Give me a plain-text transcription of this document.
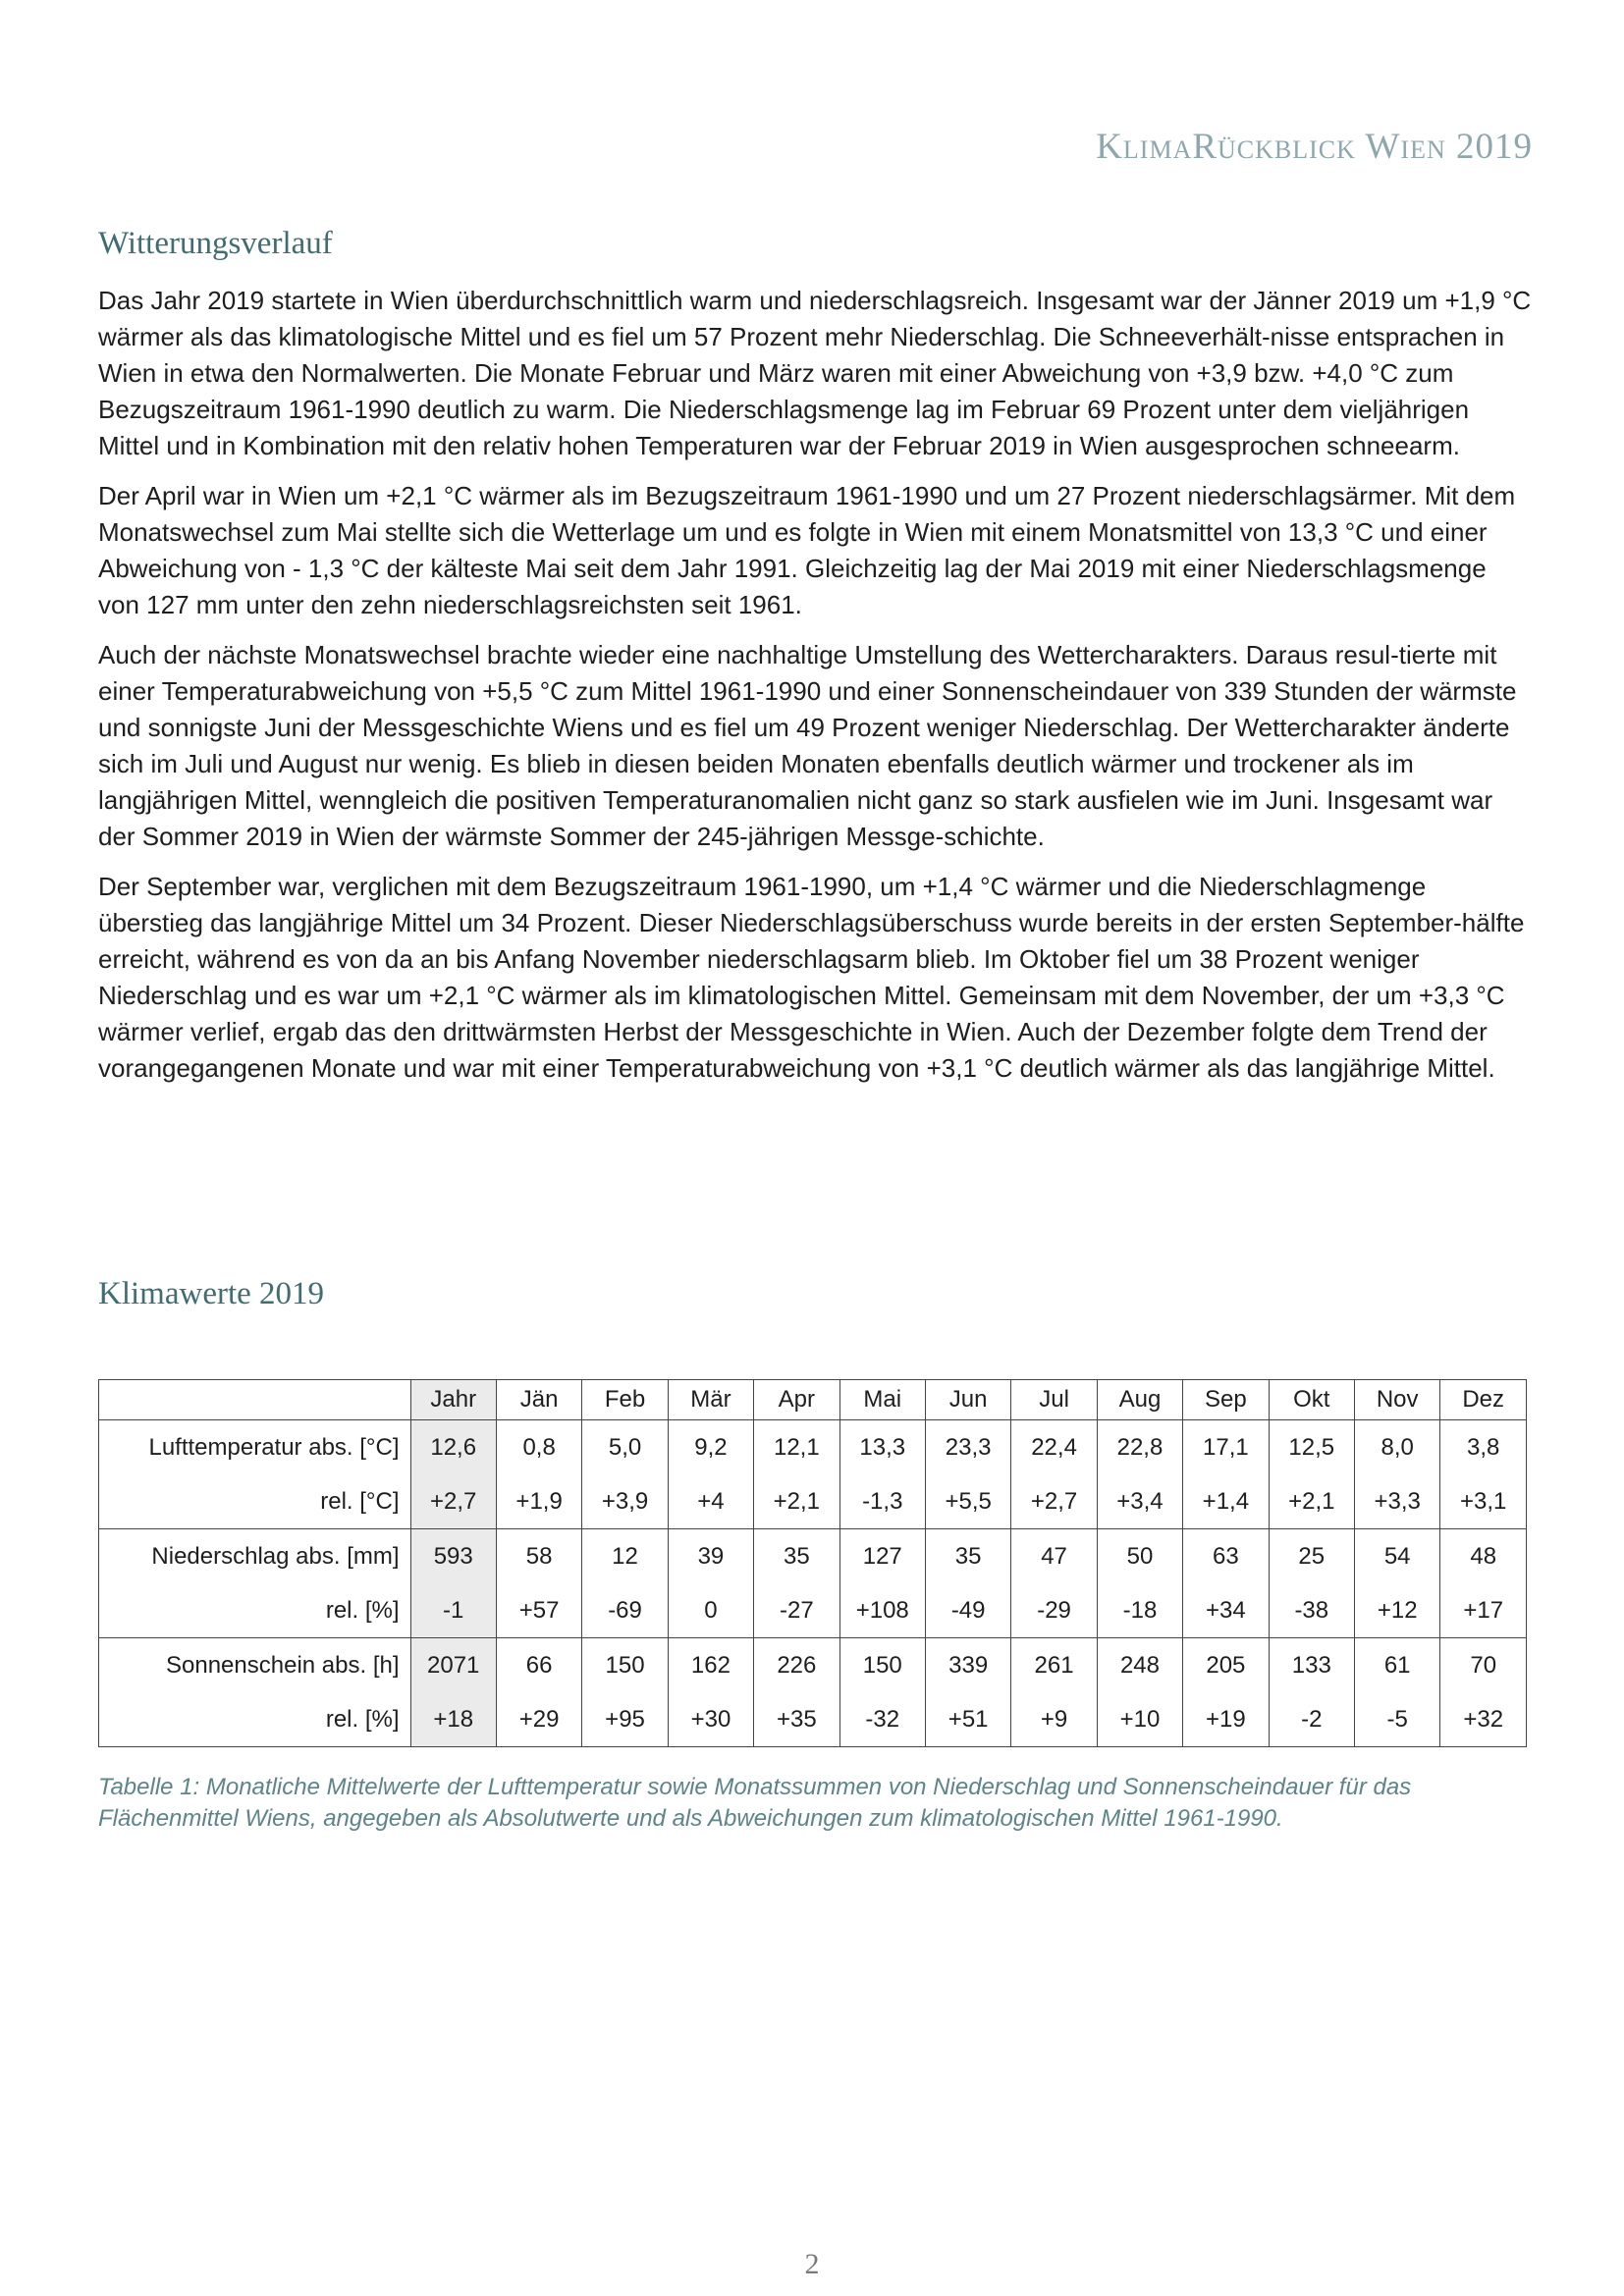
KlimaRückblick Wien 2019
Witterungsverlauf

Das Jahr 2019 startete in Wien überdurchschnittlich warm und niederschlagsreich. Insgesamt war der Jänner 2019 um +1,9 °C wärmer als das klimatologische Mittel und es fiel um 57 Prozent mehr Niederschlag. Die Schneeverhält-nisse entsprachen in Wien in etwa den Normalwerten. Die Monate Februar und März waren mit einer Abweichung von +3,9 bzw. +4,0 °C zum Bezugszeitraum 1961-1990 deutlich zu warm. Die Niederschlagsmenge lag im Februar 69 Prozent unter dem vieljährigen Mittel und in Kombination mit den relativ hohen Temperaturen war der Februar 2019 in Wien ausgesprochen schneearm.

Der April war in Wien um +2,1 °C wärmer als im Bezugszeitraum 1961-1990 und um 27 Prozent niederschlagsärmer. Mit dem Monatswechsel zum Mai stellte sich die Wetterlage um und es folgte in Wien mit einem Monatsmittel von 13,3 °C und einer Abweichung von - 1,3 °C der kälteste Mai seit dem Jahr 1991. Gleichzeitig lag der Mai 2019 mit einer Niederschlagsmenge von 127 mm unter den zehn niederschlagsreichsten seit 1961.

Auch der nächste Monatswechsel brachte wieder eine nachhaltige Umstellung des Wettercharakters. Daraus resul-tierte mit einer Temperaturabweichung von +5,5 °C zum Mittel 1961-1990 und einer Sonnenscheindauer von 339 Stunden der wärmste und sonnigste Juni der Messgeschichte Wiens und es fiel um 49 Prozent weniger Niederschlag. Der Wettercharakter änderte sich im Juli und August nur wenig. Es blieb in diesen beiden Monaten ebenfalls deutlich wärmer und trockener als im langjährigen Mittel, wenngleich die positiven Temperaturanomalien nicht ganz so stark ausfielen wie im Juni. Insgesamt war der Sommer 2019 in Wien der wärmste Sommer der 245-jährigen Messge-schichte.

Der September war, verglichen mit dem Bezugszeitraum 1961-1990, um +1,4 °C wärmer und die Niederschlagmenge überstieg das langjährige Mittel um 34 Prozent. Dieser Niederschlagsüberschuss wurde bereits in der ersten September-hälfte erreicht, während es von da an bis Anfang November niederschlagsarm blieb. Im Oktober fiel um 38 Prozent weniger Niederschlag und es war um +2,1 °C wärmer als im klimatologischen Mittel. Gemeinsam mit dem November, der um +3,3 °C wärmer verlief, ergab das den drittwärmsten Herbst der Messgeschichte in Wien. Auch der Dezember folgte dem Trend der vorangegangenen Monate und war mit einer Temperaturabweichung von +3,1 °C deutlich wärmer als das langjährige Mittel.

Klimawerte 2019
	Jahr	Jän	Feb	Mär	Apr	Mai	Jun	Jul	Aug	Sep	Okt	Nov	Dez
Lufttemperatur abs. [°C]	12,6	0,8	5,0	9,2	12,1	13,3	23,3	22,4	22,8	17,1	12,5	8,0	3,8
rel. [°C]	+2,7	+1,9	+3,9	+4	+2,1	-1,3	+5,5	+2,7	+3,4	+1,4	+2,1	+3,3	+3,1
Niederschlag abs. [mm]	593	58	12	39	35	127	35	47	50	63	25	54	48
rel. [%]	-1	+57	-69	0	-27	+108	-49	-29	-18	+34	-38	+12	+17
Sonnenschein abs. [h]	2071	66	150	162	226	150	339	261	248	205	133	61	70
rel. [%]	+18	+29	+95	+30	+35	-32	+51	+9	+10	+19	-2	-5	+32
Tabelle 1: Monatliche Mittelwerte der Lufttemperatur sowie Monatssummen von Niederschlag und Sonnenscheindauer für das Flächenmittel Wiens, angegeben als Absolutwerte und als Abweichungen zum klimatologischen Mittel 1961-1990.
2
